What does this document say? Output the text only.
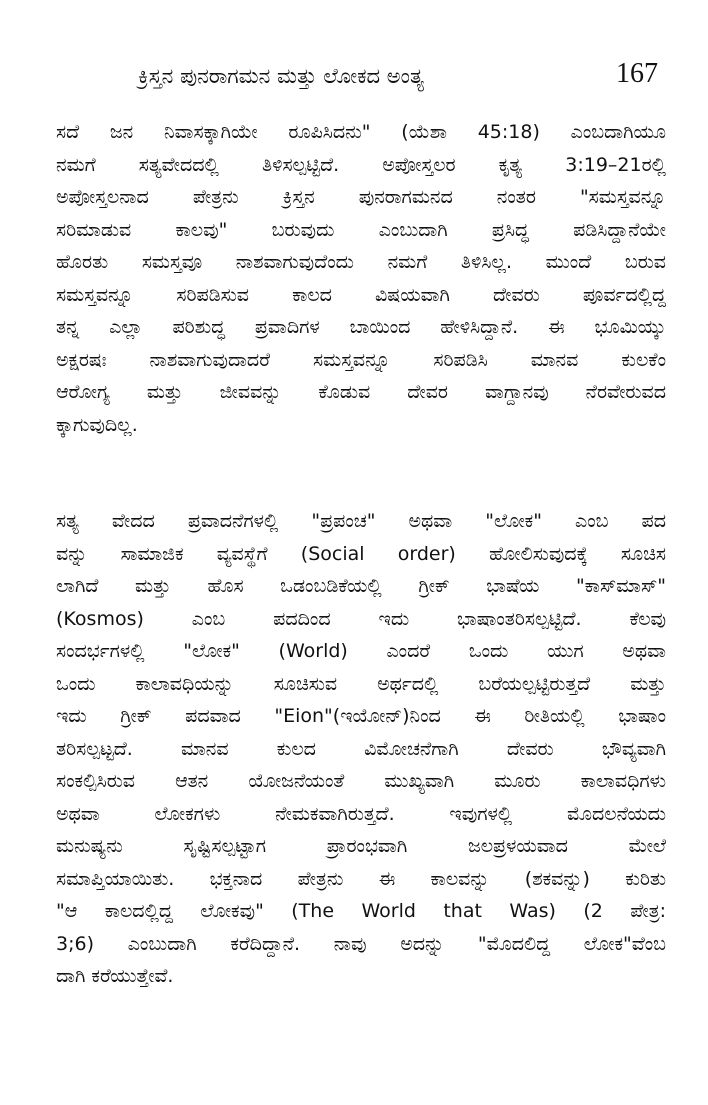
ಕ್ರಿಸ್ತನ ಪುನರಾಗಮನ ಮತ್ತು ಲೋಕದ ಅಂತ್ಯ	167
ಸದೆ ಜನ ನಿವಾಸಕ್ಕಾಗಿಯೇ ರೂಪಿಸಿದನು" (ಯೆಶಾ 45:18) ಎಂಬದಾಗಿಯೂ
ನಮಗೆ ಸತ್ಯವೇದದಲ್ಲಿ ತಿಳಿಸಲ್ಪಟ್ಟಿದೆ. ಅಪೋಸ್ತಲರ ಕೃತ್ಯ 3:19–21ರಲ್ಲಿ
ಅಪೋಸ್ತಲನಾದ ಪೇತ್ರನು ಕ್ರಿಸ್ತನ ಪುನರಾಗಮನದ ನಂತರ "ಸಮಸ್ತವನ್ನೂ
ಸರಿಮಾಡುವ ಕಾಲವು" ಬರುವುದು ಎಂಬುದಾಗಿ ಪ್ರಸಿದ್ಧ ಪಡಿಸಿದ್ದಾನೆಯೇ
ಹೊರತು ಸಮಸ್ತವೂ ನಾಶವಾಗುವುದೆಂದು ನಮಗೆ ತಿಳಿಸಿಲ್ಲ. ಮುಂದೆ ಬರುವ
ಸಮಸ್ತವನ್ನೂ ಸರಿಪಡಿಸುವ ಕಾಲದ ವಿಷಯವಾಗಿ ದೇವರು ಪೂರ್ವದಲ್ಲಿದ್ದ
ತನ್ನ ಎಲ್ಲಾ ಪರಿಶುದ್ಧ ಪ್ರವಾದಿಗಳ ಬಾಯಿಂದ ಹೇಳಿಸಿದ್ದಾನೆ. ಈ ಭೂಮಿಯ್ಕು
ಅಕ್ಷರಷಃ ನಾಶವಾಗುವುದಾದರೆ ಸಮಸ್ತವನ್ನೂ ಸರಿಪಡಿಸಿ ಮಾನವ ಕುಲಕೆಂ
ಆರೋಗ್ಯ ಮತ್ತು ಜೀವವನ್ನು ಕೊಡುವ ದೇವರ ವಾಗ್ದಾನವು ನೆರವೇರುವದ
ಕ್ಕಾಗುವುದಿಲ್ಲ.
ಸತ್ಯ ವೇದದ ಪ್ರವಾದನೆಗಳಲ್ಲಿ "ಪ್ರಪಂಚ" ಅಥವಾ "ಲೋಕ" ಎಂಬ ಪದ
ವನ್ನು ಸಾಮಾಜಿಕ ವ್ಯವಸ್ಥೆಗೆ (Social order) ಹೋಲಿಸುವುದಕ್ಕೆ ಸೂಚಿಸ
ಲಾಗಿದೆ ಮತ್ತು ಹೊಸ ಒಡಂಬಡಿಕೆಯಲ್ಲಿ ಗ್ರೀಕ್ ಭಾಷೆಯ "ಕಾಸ್‌ಮಾಸ್"
(Kosmos) ಎಂಬ ಪದದಿಂದ ಇದು ಭಾಷಾಂತರಿಸಲ್ಪಟ್ಟಿದೆ. ಕೆಲವು
ಸಂದರ್ಭಗಳಲ್ಲಿ "ಲೋಕ" (World) ಎಂದರೆ ಒಂದು ಯುಗ ಅಥವಾ
ಒಂದು ಕಾಲಾವಧಿಯನ್ನು ಸೂಚಿಸುವ ಅರ್ಥದಲ್ಲಿ ಬರೆಯಲ್ಪಟ್ಟಿರುತ್ತದೆ ಮತ್ತು
ಇದು ಗ್ರೀಕ್ ಪದವಾದ "Eion"(ಇಯೋನ್)ನಿಂದ ಈ ರೀತಿಯಲ್ಲಿ ಭಾಷಾಂ
ತರಿಸಲ್ಪಟ್ಟದೆ. ಮಾನವ ಕುಲದ ವಿಮೋಚನೆಗಾಗಿ ದೇವರು ಭೌವ್ಯವಾಗಿ
ಸಂಕಲ್ಪಿಸಿರುವ ಆತನ ಯೋಜನೆಯಂತೆ ಮುಖ್ಯವಾಗಿ ಮೂರು ಕಾಲಾವಧಿಗಳು
ಅಥವಾ ಲೋಕಗಳು ನೇಮಕವಾಗಿರುತ್ತದೆ. ಇವುಗಳಲ್ಲಿ ಮೊದಲನೆಯದು
ಮನುಷ್ಯನು ಸೃಷ್ಟಿಸಲ್ಪಟ್ಟಾಗ ಪ್ರಾರಂಭವಾಗಿ ಜಲಪ್ರಳಯವಾದ ಮೇಲೆ
ಸಮಾಪ್ತಿಯಾಯಿತು. ಭಕ್ತನಾದ ಪೇತ್ರನು ಈ ಕಾಲವನ್ನು (ಶಕವನ್ನು) ಕುರಿತು
"ಆ ಕಾಲದಲ್ಲಿದ್ದ ಲೋಕವು" (The World that Was) (2 ಪೇತ್ರ:
3;6) ಎಂಬುದಾಗಿ ಕರೆದಿದ್ದಾನೆ. ನಾವು ಅದನ್ನು "ಮೊದಲಿದ್ದ ಲೋಕ"ವೆಂಬ
ದಾಗಿ ಕರೆಯುತ್ತೇವೆ.
